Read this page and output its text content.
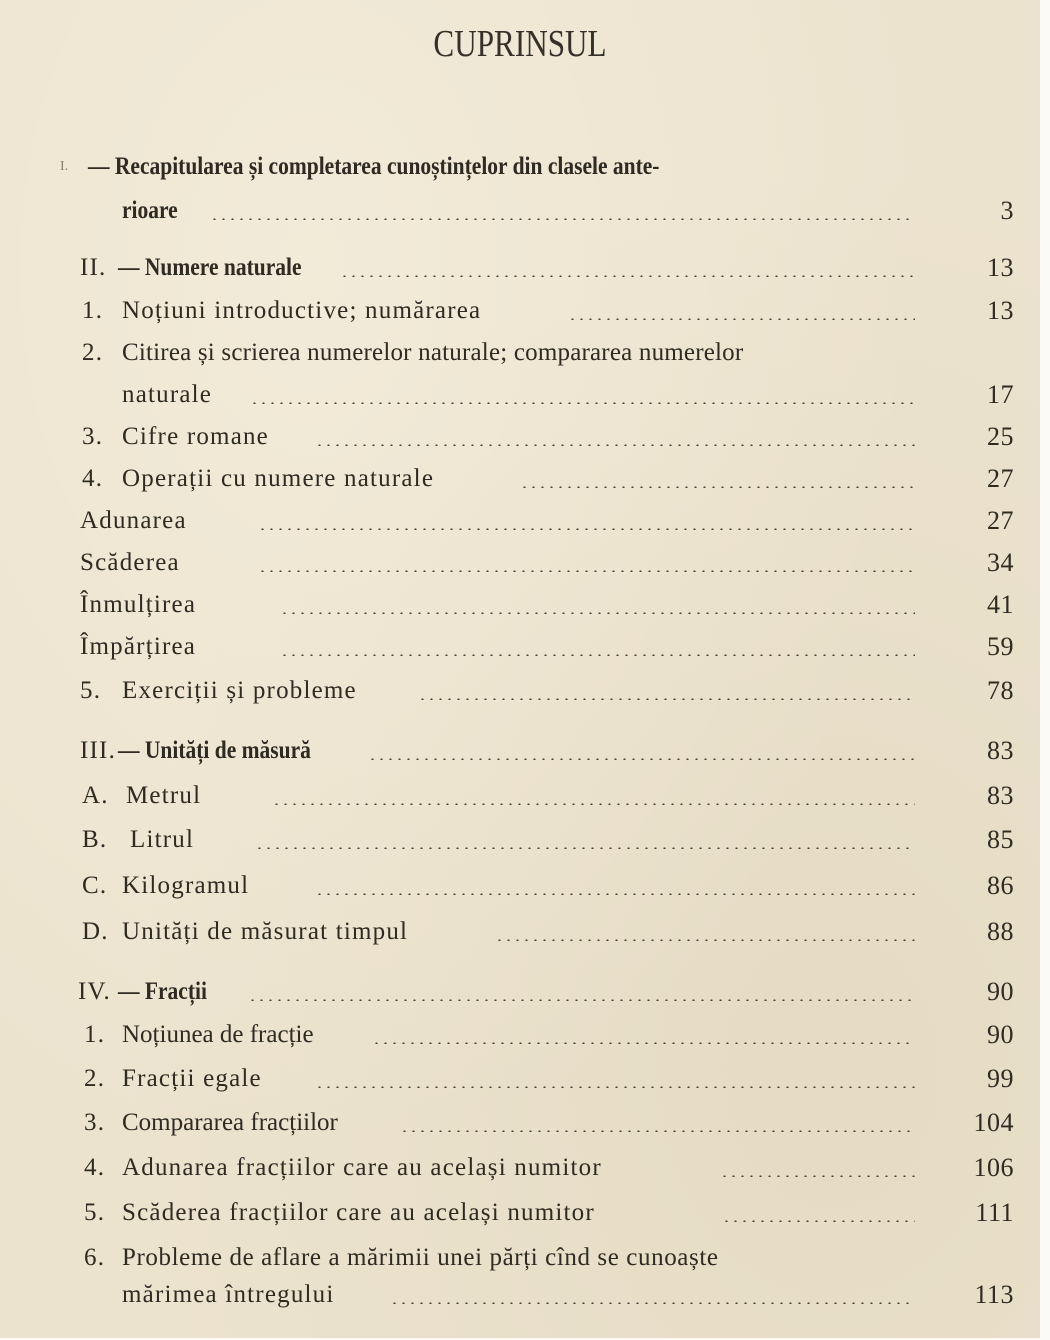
CUPRINSUL
I. — Recapitularea și completarea cunoștințelor din clasele ante-
rioare	3
II. — Numere naturale	13
1. Noțiuni introductive; numărarea	13
2. Citirea și scrierea numerelor naturale; compararea numerelor
naturale	17
3. Cifre romane	25
4. Operații cu numere naturale	27
Adunarea	27
Scăderea	34
Înmulțirea	41
Împărțirea	59
5. Exerciții și probleme	78
III. — Unități de măsură	83
A. Metrul	83
B. Litrul	85
C. Kilogramul	86
D. Unități de măsurat timpul	88
IV. — Fracții	90
1. Noțiunea de fracție	90
2. Fracții egale	99
3. Compararea fracțiilor	104
4. Adunarea fracțiilor care au același numitor	106
5. Scăderea fracțiilor care au același numitor	111
6. Probleme de aflare a mărimii unei părți cînd se cunoaște
mărimea întregului	113
